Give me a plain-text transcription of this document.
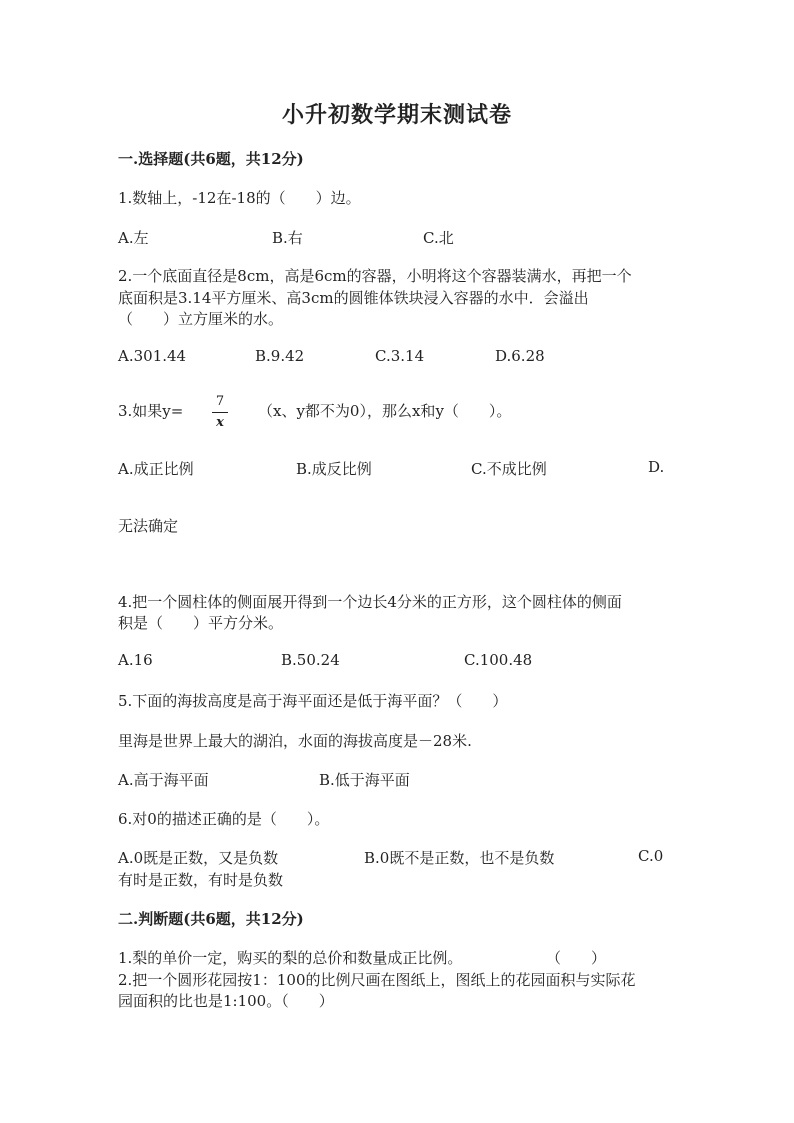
小升初数学期末测试卷
一.选择题(共6题，共12分)
1.数轴上，-12在-18的（　　）边。
A.左	B.右	C.北
2.一个底面直径是8cm，高是6cm的容器，小明将这个容器装满水，再把一个
底面积是3.14平方厘米、高3cm的圆锥体铁块浸入容器的水中．会溢出
（　　）立方厘米的水。
A.301.44	B.9.42	C.3.14	D.6.28
3.如果y=
7
x
（x、y都不为0），那么x和y（　　）。
A.成正比例	B.成反比例	C.不成比例	D.
无法确定
4.把一个圆柱体的侧面展开得到一个边长4分米的正方形，这个圆柱体的侧面
积是（　　）平方分米。
A.16	B.50.24	C.100.48
5.下面的海拔高度是高于海平面还是低于海平面？（　　）
里海是世界上最大的湖泊，水面的海拔高度是－28米.
A.高于海平面	B.低于海平面
6.对0的描述正确的是（　　）。
A.0既是正数，又是负数	B.0既不是正数，也不是负数	C.0
有时是正数，有时是负数
二.判断题(共6题，共12分)
1.梨的单价一定，购买的梨的总价和数量成正比例。	（　　）
2.把一个圆形花园按1：100的比例尺画在图纸上，图纸上的花园面积与实际花
园面积的比也是1:100。（　　）
